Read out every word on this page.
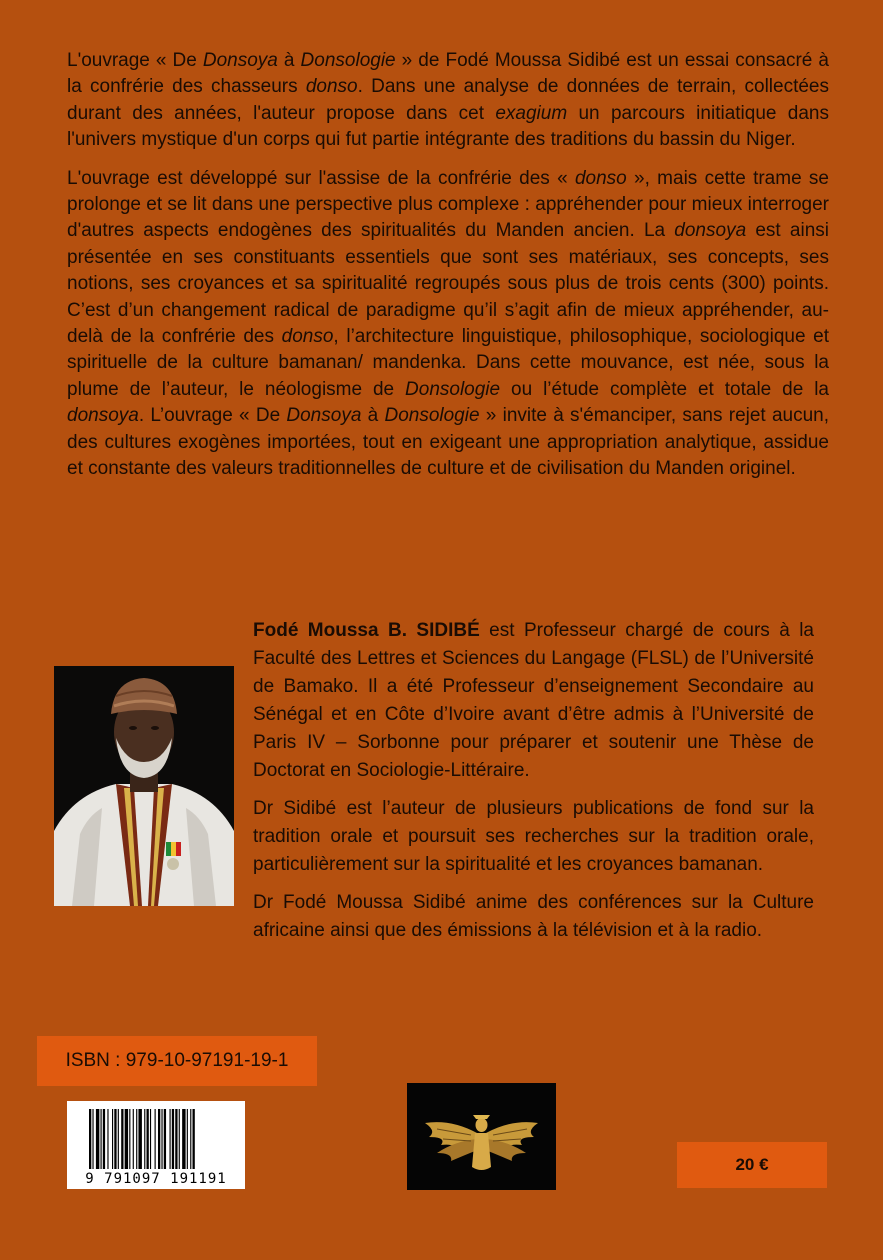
L'ouvrage « De Donsoya à Donsologie » de Fodé Moussa Sidibé est un essai consacré à la confrérie des chasseurs donso. Dans une analyse de données de terrain, collectées durant des années, l'auteur propose dans cet exagium un parcours initiatique dans l'univers mystique d'un corps qui fut partie intégrante des traditions du bassin du Niger.

L'ouvrage est développé sur l'assise de la confrérie des « donso », mais cette trame se prolonge et se lit dans une perspective plus complexe : appréhender pour mieux interroger d'autres aspects endogènes des spiritualités du Manden ancien. La donsoya est ainsi présentée en ses constituants essentiels que sont ses matériaux, ses concepts, ses notions, ses croyances et sa spiritualité regroupés sous plus de trois cents (300) points. C’est d’un changement radical de paradigme qu’il s’agit afin de mieux appréhender, au-delà de la confrérie des donso, l’architecture linguistique, philosophique, sociologique et spirituelle de la culture bamanan/ mandenka. Dans cette mouvance, est née, sous la plume de l’auteur, le néologisme de Donsologie ou l’étude complète et totale de la donsoya. L’ouvrage « De Donsoya à Donsologie » invite à s'émanciper, sans rejet aucun, des cultures exogènes importées, tout en exigeant une appropriation analytique, assidue et constante des valeurs traditionnelles de culture et de civilisation du Manden originel.

Fodé Moussa B. SIDIBÉ est Professeur chargé de cours à la Faculté des Lettres et Sciences du Langage (FLSL) de l’Université de Bamako. Il a été Professeur d’enseignement Secondaire au Sénégal et en Côte d’Ivoire avant d’être admis à l’Université de Paris IV – Sorbonne pour préparer et soutenir une Thèse de Doctorat en Sociologie-Littéraire.

Dr Sidibé est l’auteur de plusieurs publications de fond sur la tradition orale et poursuit ses recherches sur la tradition orale, particulièrement sur la spiritualité et les croyances bamanan.

Dr Fodé Moussa Sidibé anime des conférences sur la Culture africaine ainsi que des émissions à la télévision et à la radio.

ISBN : 979-10-97191-19-1
9 791097 191191
20 €
